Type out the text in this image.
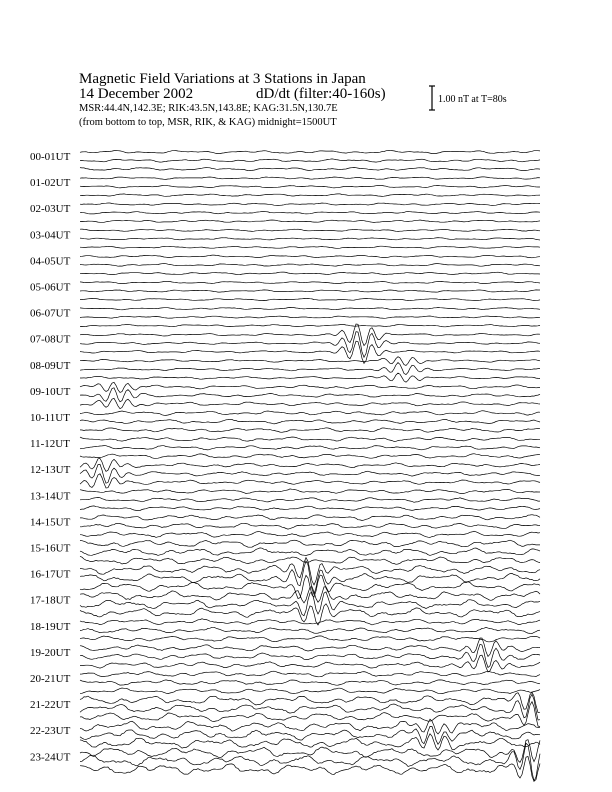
Magnetic Field Variations at 3 Stations in Japan
14 December 2002	dD/dt (filter:40-160s)
MSR:44.4N,142.3E; RIK:43.5N,143.8E; KAG:31.5N,130.7E
(from bottom to top, MSR, RIK, & KAG) midnight=1500UT
1.00 nT at T=80s
00-01UT
01-02UT
02-03UT
03-04UT
04-05UT
05-06UT
06-07UT
07-08UT
08-09UT
09-10UT
10-11UT
11-12UT
12-13UT
13-14UT
14-15UT
15-16UT
16-17UT
17-18UT
18-19UT
19-20UT
20-21UT
21-22UT
22-23UT
23-24UT
